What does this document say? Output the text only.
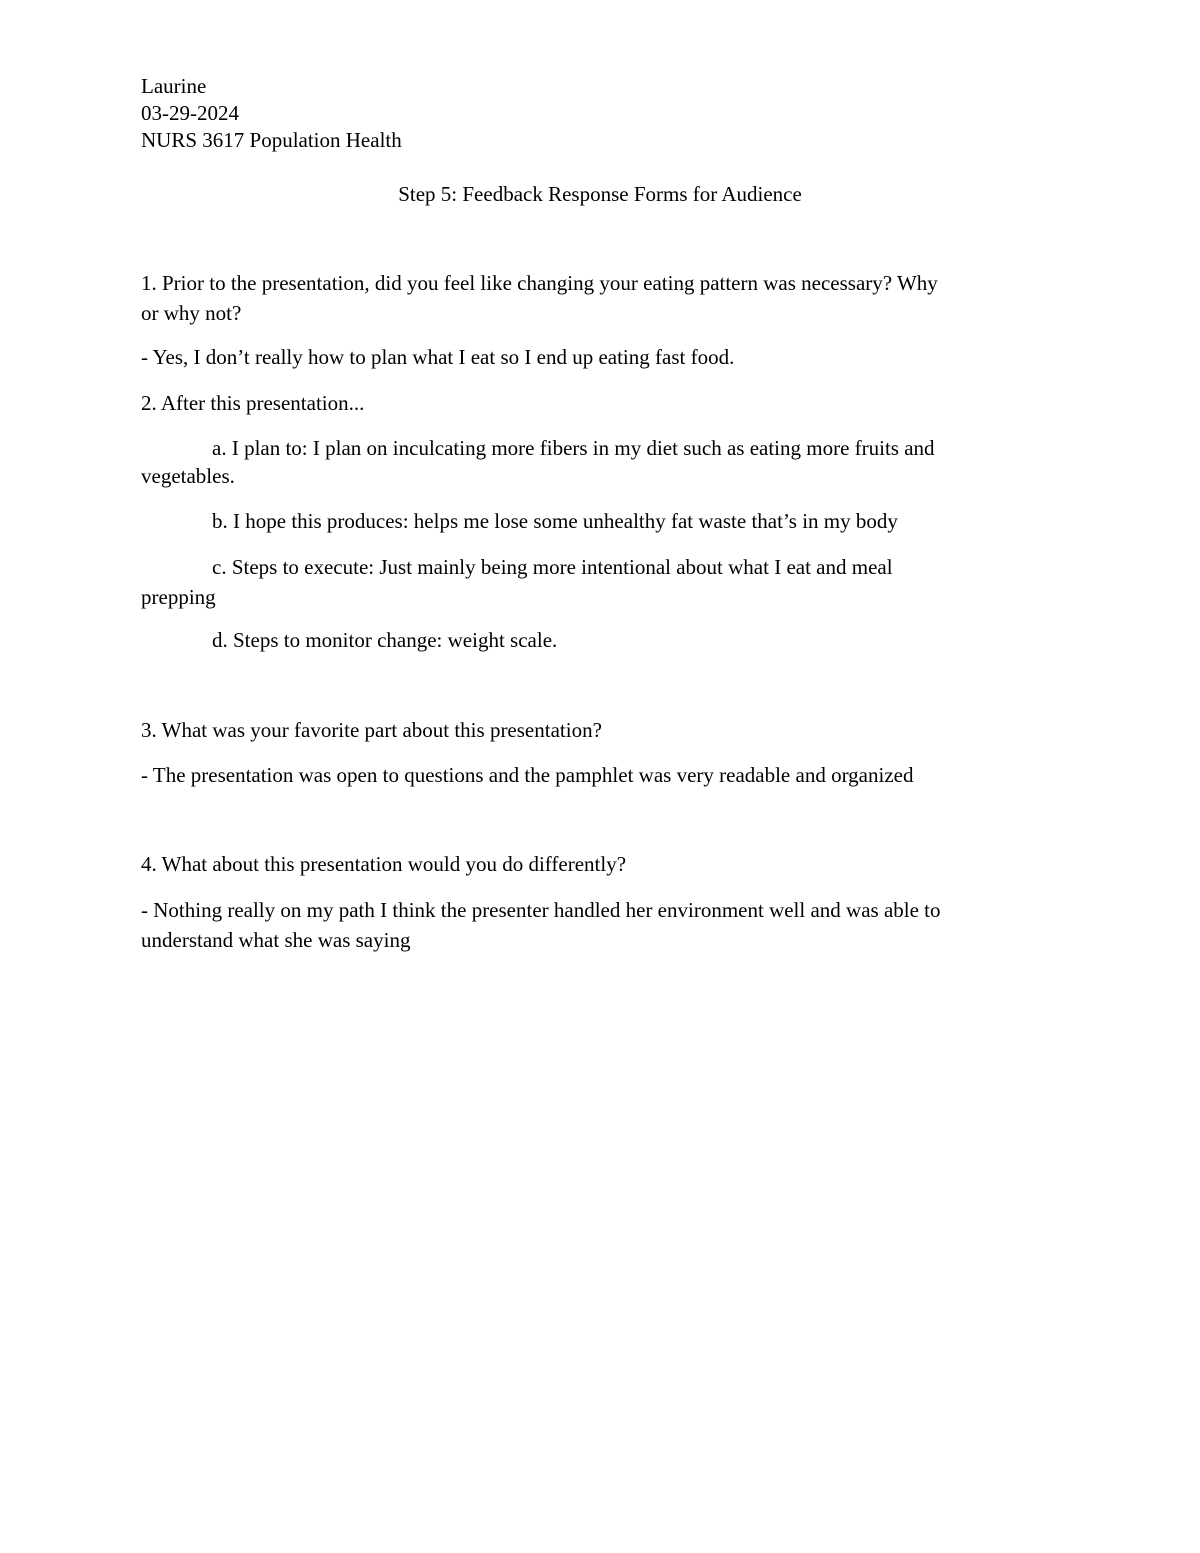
Laurine
03-29-2024
NURS 3617 Population Health
Step 5: Feedback Response Forms for Audience
1. Prior to the presentation, did you feel like changing your eating pattern was necessary? Why
or why not?
- Yes, I don’t really how to plan what I eat so I end up eating fast food.
2. After this presentation...
a. I plan to: I plan on inculcating more fibers in my diet such as eating more fruits and
vegetables.
b. I hope this produces: helps me lose some unhealthy fat waste that’s in my body
c. Steps to execute: Just mainly being more intentional about what I eat and meal
prepping
d. Steps to monitor change: weight scale.
3. What was your favorite part about this presentation?
- The presentation was open to questions and the pamphlet was very readable and organized
4. What about this presentation would you do differently?
- Nothing really on my path I think the presenter handled her environment well and was able to
understand what she was saying
